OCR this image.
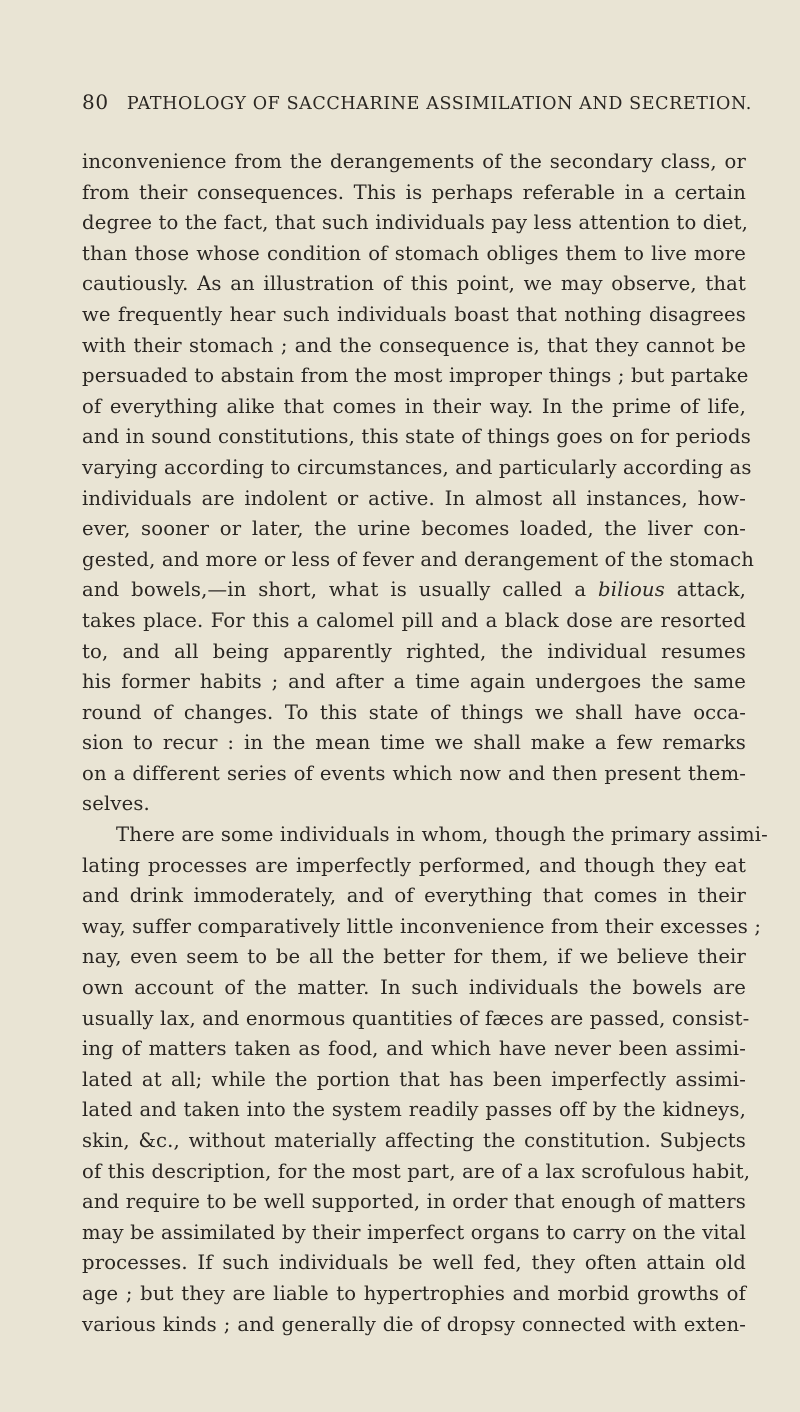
80 PATHOLOGY OF SACCHARINE ASSIMILATION AND SECRETION.
inconvenience from the derangements of the secondary class, or
from their consequences. This is perhaps referable in a certain
degree to the fact, that such individuals pay less attention to diet,
than those whose condition of stomach obliges them to live more
cautiously. As an illustration of this point, we may observe, that
we frequently hear such individuals boast that nothing disagrees
with their stomach ; and the consequence is, that they cannot be
persuaded to abstain from the most improper things ; but partake
of everything alike that comes in their way. In the prime of life,
and in sound constitutions, this state of things goes on for periods
varying according to circumstances, and particularly according as
individuals are indolent or active. In almost all instances, how-
ever, sooner or later, the urine becomes loaded, the liver con-
gested, and more or less of fever and derangement of the stomach
and bowels,—in short, what is usually called a bilious attack,
takes place. For this a calomel pill and a black dose are resorted
to, and all being apparently righted, the individual resumes
his former habits ; and after a time again undergoes the same
round of changes. To this state of things we shall have occa-
sion to recur : in the mean time we shall make a few remarks
on a different series of events which now and then present them-
selves.
There are some individuals in whom, though the primary assimi-
lating processes are imperfectly performed, and though they eat
and drink immoderately, and of everything that comes in their
way, suffer comparatively little inconvenience from their excesses ;
nay, even seem to be all the better for them, if we believe their
own account of the matter. In such individuals the bowels are
usually lax, and enormous quantities of fæces are passed, consist-
ing of matters taken as food, and which have never been assimi-
lated at all; while the portion that has been imperfectly assimi-
lated and taken into the system readily passes off by the kidneys,
skin, &c., without materially affecting the constitution. Subjects
of this description, for the most part, are of a lax scrofulous habit,
and require to be well supported, in order that enough of matters
may be assimilated by their imperfect organs to carry on the vital
processes. If such individuals be well fed, they often attain old
age ; but they are liable to hypertrophies and morbid growths of
various kinds ; and generally die of dropsy connected with exten-
